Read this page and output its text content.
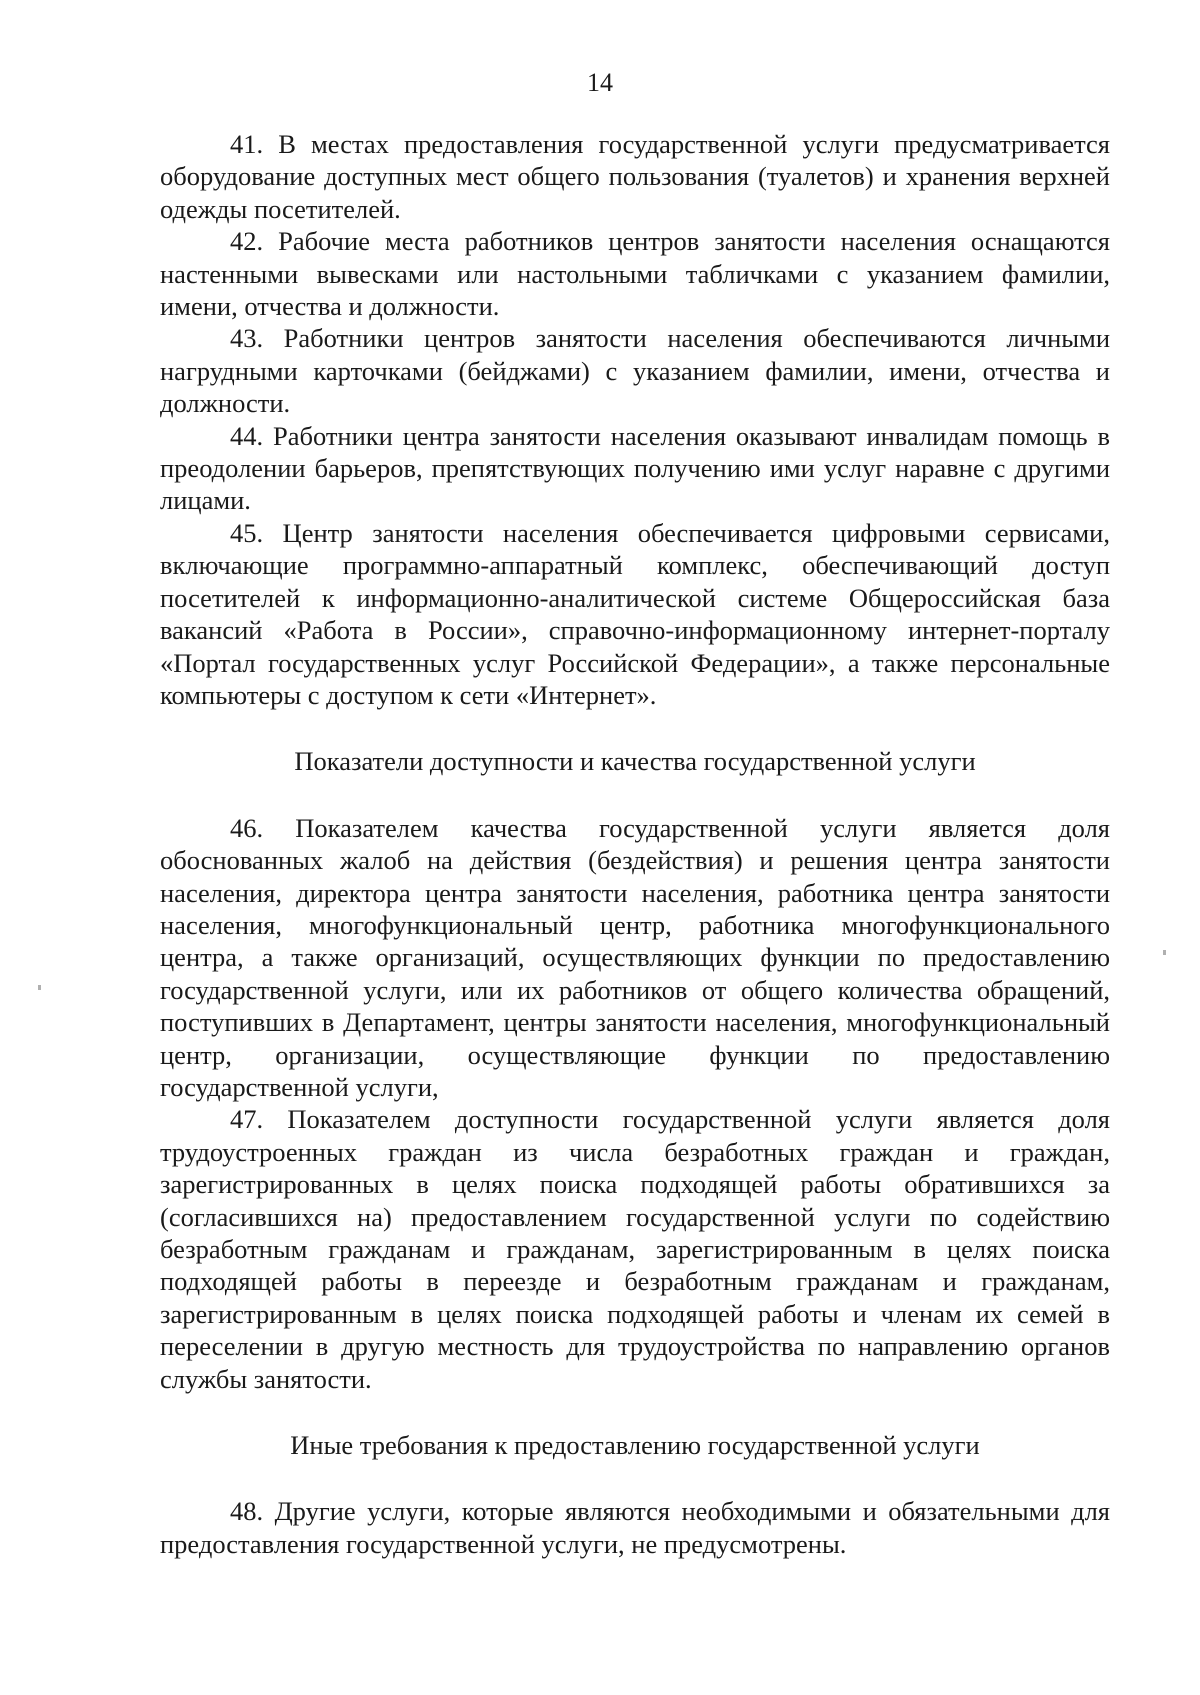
14

41. В местах предоставления государственной услуги предусматривается оборудование доступных мест общего пользования (туалетов) и хранения верхней одежды посетителей.

42. Рабочие места работников центров занятости населения оснащаются настенными вывесками или настольными табличками с указанием фамилии, имени, отчества и должности.

43. Работники центров занятости населения обеспечиваются личными нагрудными карточками (бейджами) с указанием фамилии, имени, отчества и должности.

44. Работники центра занятости населения оказывают инвалидам помощь в преодолении барьеров, препятствующих получению ими услуг наравне с другими лицами.

45. Центр занятости населения обеспечивается цифровыми сервисами, включающие программно-аппаратный комплекс, обеспечивающий доступ посетителей к информационно-аналитической системе Общероссийская база вакансий «Работа в России», справочно-информационному интернет-порталу «Портал государственных услуг Российской Федерации», а также персональные компьютеры с доступом к сети «Интернет».

Показатели доступности и качества государственной услуги

46. Показателем качества государственной услуги является доля обоснованных жалоб на действия (бездействия) и решения центра занятости населения, директора центра занятости населения, работника центра занятости населения, многофункциональный центр, работника многофункционального центра, а также организаций, осуществляющих функции по предоставлению государственной услуги, или их работников от общего количества обращений, поступивших в Департамент, центры занятости населения, многофункциональный центр, организации, осуществляющие функции по предоставлению государственной услуги,

47. Показателем доступности государственной услуги является доля трудоустроенных граждан из числа безработных граждан и граждан, зарегистрированных в целях поиска подходящей работы обратившихся за (согласившихся на) предоставлением государственной услуги по содействию безработным гражданам и гражданам, зарегистрированным в целях поиска подходящей работы в переезде и безработным гражданам и гражданам, зарегистрированным в целях поиска подходящей работы и членам их семей в переселении в другую местность для трудоустройства по направлению органов службы занятости.

Иные требования к предоставлению государственной услуги

48. Другие услуги, которые являются необходимыми и обязательными для предоставления государственной услуги, не предусмотрены.
